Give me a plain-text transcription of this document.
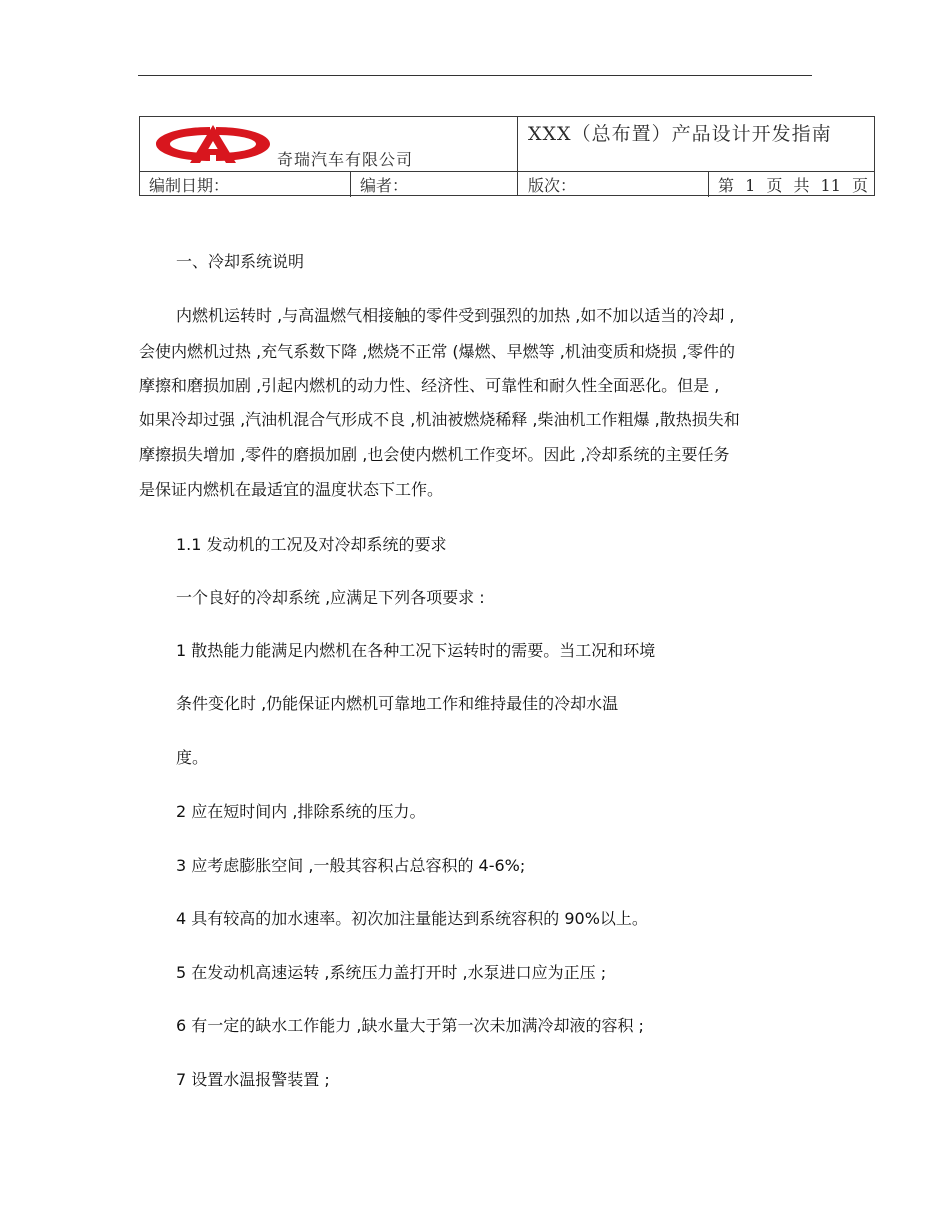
奇瑞汽车有限公司
XXX（总布置）产品设计开发指南
编制日期：	编者：	版次：	第 1 页 共 11 页
一、冷却系统说明
内燃机运转时 ,与高温燃气相接触的零件受到强烈的加热 ,如不加以适当的冷却 ,
会使内燃机过热 ,充气系数下降 ,燃烧不正常 (爆燃、早燃等 ,机油变质和烧损 ,零件的
摩擦和磨损加剧 ,引起内燃机的动力性、经济性、可靠性和耐久性全面恶化。但是 ,
如果冷却过强 ,汽油机混合气形成不良 ,机油被燃烧稀释 ,柴油机工作粗爆 ,散热损失和
摩擦损失增加 ,零件的磨损加剧 ,也会使内燃机工作变坏。因此 ,冷却系统的主要任务
是保证内燃机在最适宜的温度状态下工作。
1.1 发动机的工况及对冷却系统的要求
一个良好的冷却系统 ,应满足下列各项要求 :
1 散热能力能满足内燃机在各种工况下运转时的需要。当工况和环境
条件变化时 ,仍能保证内燃机可靠地工作和维持最佳的冷却水温
度。
2 应在短时间内 ,排除系统的压力。
3 应考虑膨胀空间 ,一般其容积占总容积的 4-6%;
4 具有较高的加水速率。初次加注量能达到系统容积的 90%以上。
5 在发动机高速运转 ,系统压力盖打开时 ,水泵进口应为正压 ;
6 有一定的缺水工作能力 ,缺水量大于第一次未加满冷却液的容积 ;
7 设置水温报警装置 ;
